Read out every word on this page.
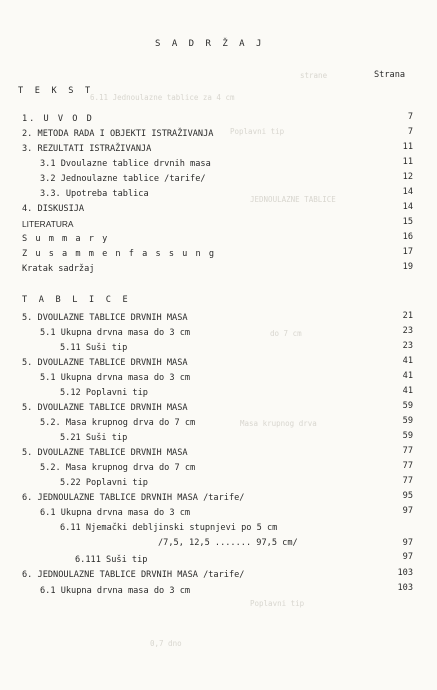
strane
6.11 Jednoulazne tablice za 4 cm
Poplavni tip
JEDNOULAZNE TABLICE
do 7 cm
Masa krupnog drva
Poplavni tip
0,7 dno
S A D R Ž A J
Strana
T E K S T
1. U V O D	7
2. METODA RADA I OBJEKTI ISTRAŽIVANJA	7
3. REZULTATI ISTRAŽIVANJA	11
3.1 Dvoulazne tablice drvnih masa	11
3.2 Jednoulazne tablice /tarife/	12
3.3. Upotreba tablica	14
4. DISKUSIJA	14
LITERATURA	15
S u m m a r y	16
Z u s a m m e n f a s s u n g	17
Kratak sadržaj	19
T A B L I C E
5. DVOULAZNE TABLICE DRVNIH MASA	21
5.1 Ukupna drvna masa do 3 cm	23
5.11 Suši tip	23
5. DVOULAZNE TABLICE DRVNIH MASA	41
5.1 Ukupna drvna masa do 3 cm	41
5.12 Poplavni tip	41
5. DVOULAZNE TABLICE DRVNIH MASA	59
5.2. Masa krupnog drva do 7 cm	59
5.21 Suši tip	59
5. DVOULAZNE TABLICE DRVNIH MASA	77
5.2. Masa krupnog drva do 7 cm	77
5.22 Poplavni tip	77
6. JEDNOULAZNE TABLICE DRVNIH MASA /tarife/	95
6.1 Ukupna drvna masa do 3 cm	97
6.11 Njemački debljinski stupnjevi po 5 cm
/7,5, 12,5 ....... 97,5 cm/	97
6.111 Suši tip	97
6. JEDNOULAZNE TABLICE DRVNIH MASA /tarife/	103
6.1 Ukupna drvna masa do 3 cm	103
